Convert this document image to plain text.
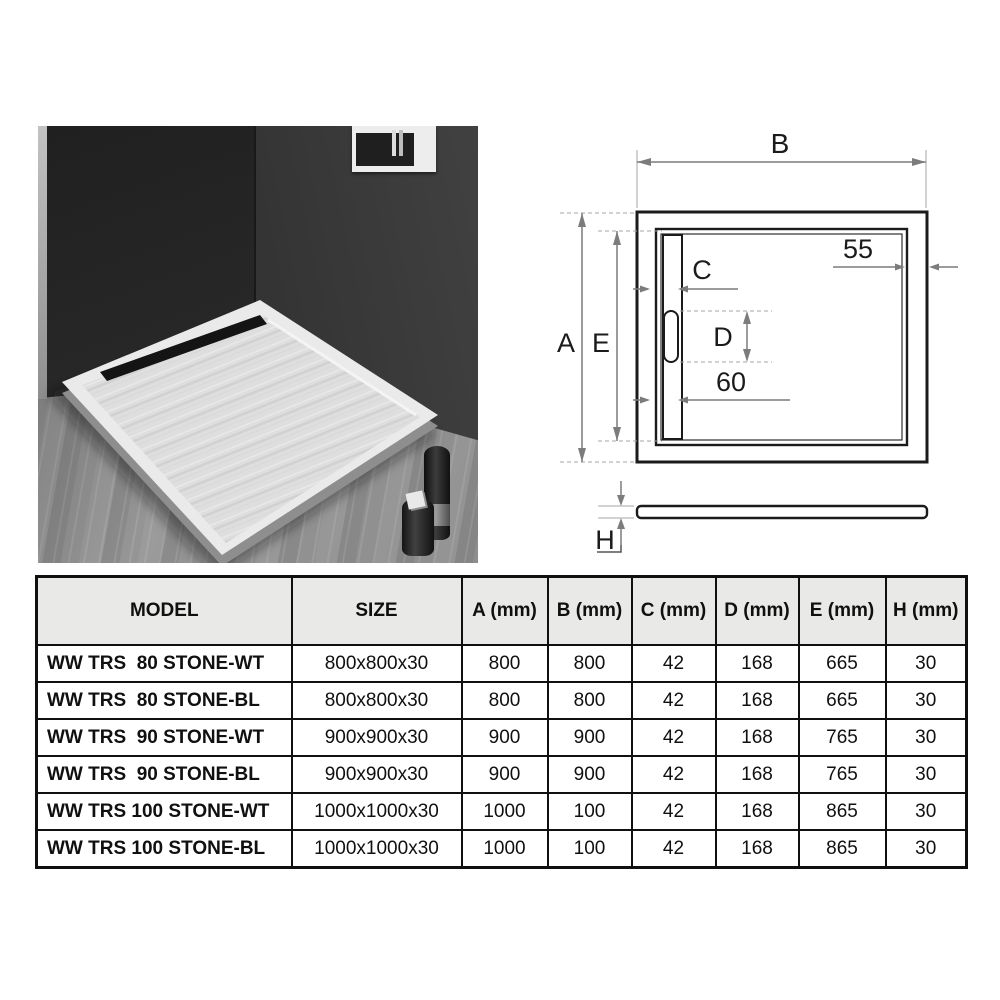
B
A E
C
D
60
55
H
MODEL	SIZE	A (mm)	B (mm)	C (mm)	D (mm)	E (mm)	H (mm)
WW TRS  80 STONE-WT	800x800x30	800	800	42	168	665	30
WW TRS  80 STONE-BL	800x800x30	800	800	42	168	665	30
WW TRS  90 STONE-WT	900x900x30	900	900	42	168	765	30
WW TRS  90 STONE-BL	900x900x30	900	900	42	168	765	30
WW TRS 100 STONE-WT	1000x1000x30	1000	100	42	168	865	30
WW TRS 100 STONE-BL	1000x1000x30	1000	100	42	168	865	30
